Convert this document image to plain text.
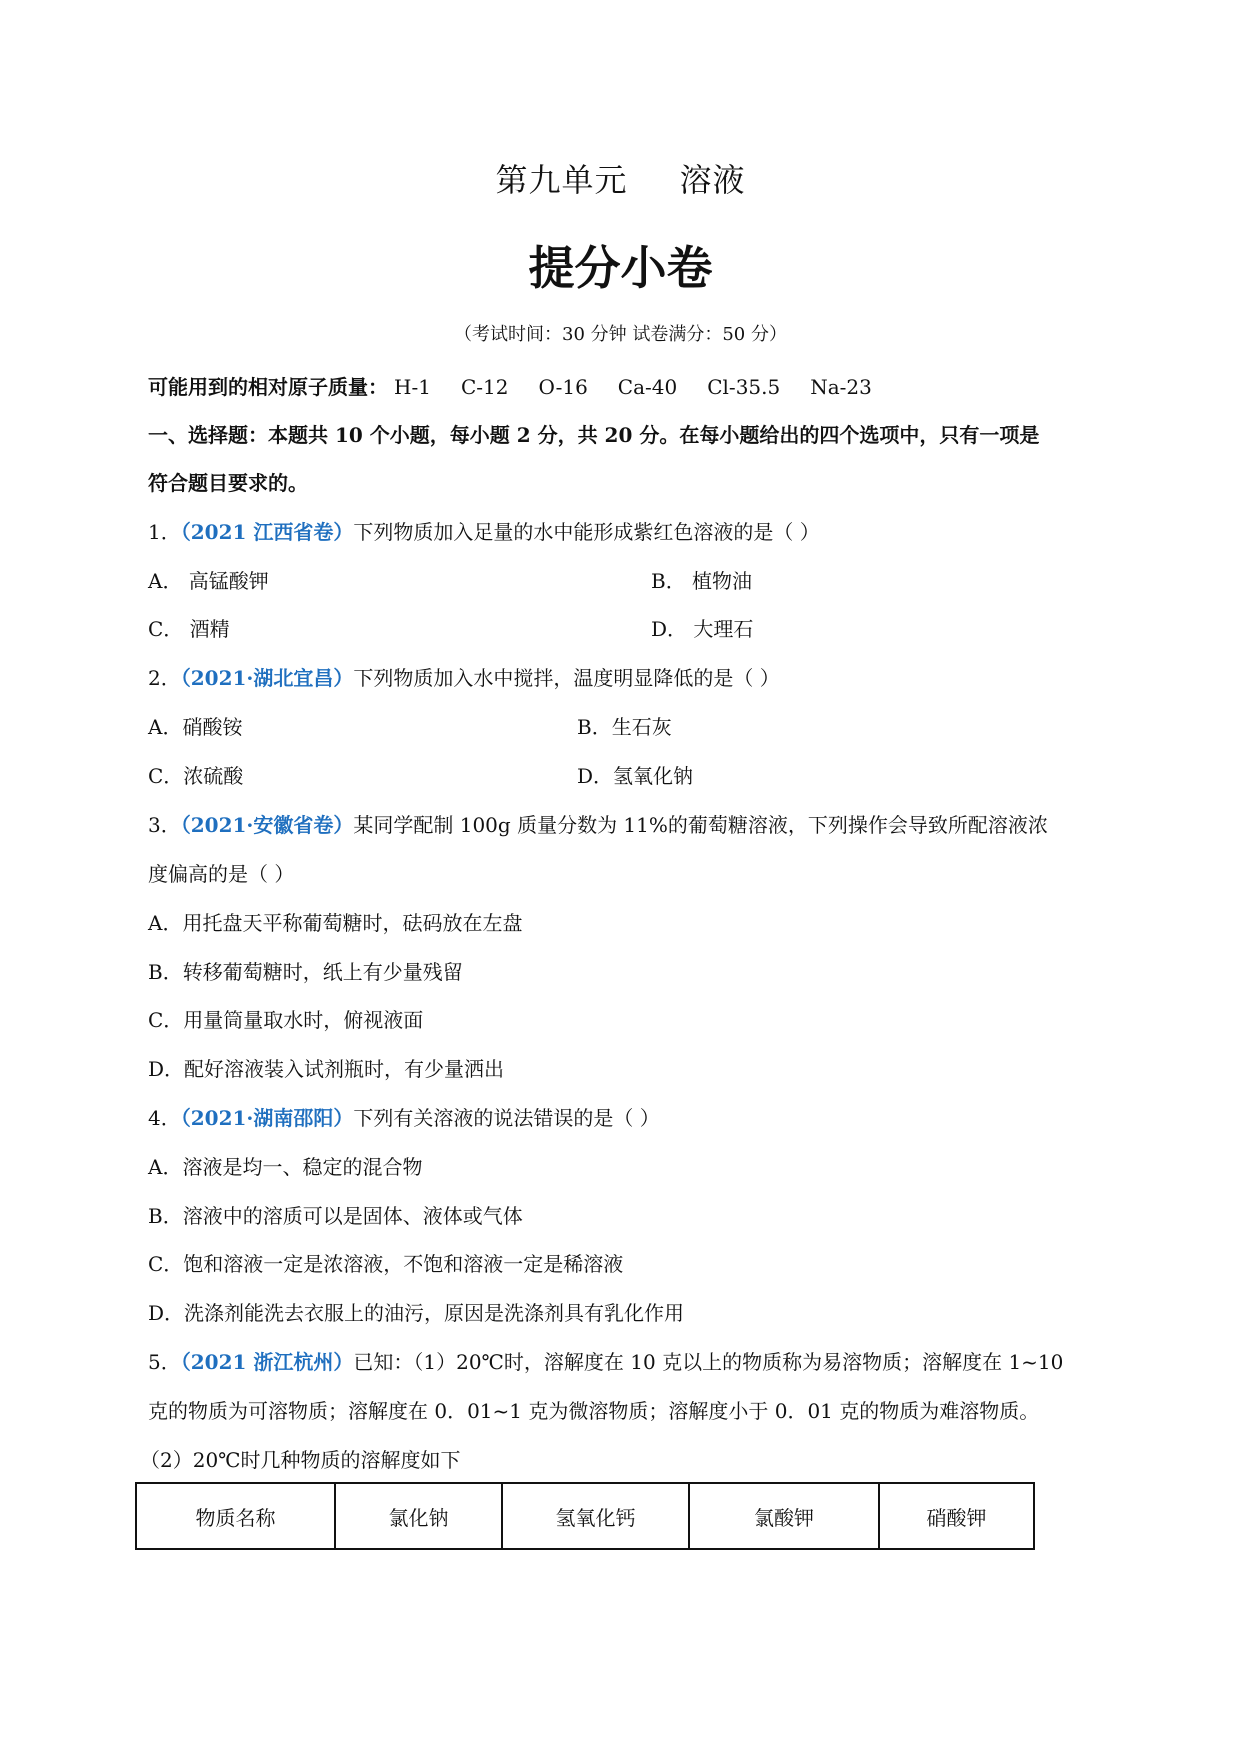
第九单元 溶液
提分小卷
（考试时间：30 分钟 试卷满分：50 分）
可能用到的相对原子质量： H-1 C-12 O-16 Ca-40 Cl-35.5 Na-23
一、选择题：本题共 10 个小题，每小题 2 分，共 20 分。在每小题给出的四个选项中，只有一项是
符合题目要求的。
1．（2021 江西省卷）下列物质加入足量的水中能形成紫红色溶液的是（ ）
A． 高锰酸钾	B． 植物油
C． 酒精	D． 大理石
2．（2021·湖北宜昌）下列物质加入水中搅拌，温度明显降低的是（ ）
A．硝酸铵	B．生石灰
C．浓硫酸	D．氢氧化钠
3．（2021·安徽省卷）某同学配制 100g 质量分数为 11%的葡萄糖溶液，下列操作会导致所配溶液浓
度偏高的是（ ）
A．用托盘天平称葡萄糖时，砝码放在左盘
B．转移葡萄糖时，纸上有少量残留
C．用量筒量取水时，俯视液面
D．配好溶液装入试剂瓶时，有少量洒出
4．（2021·湖南邵阳）下列有关溶液的说法错误的是（ ）
A．溶液是均一、稳定的混合物
B．溶液中的溶质可以是固体、液体或气体
C．饱和溶液一定是浓溶液，不饱和溶液一定是稀溶液
D．洗涤剂能洗去衣服上的油污，原因是洗涤剂具有乳化作用
5．（2021 浙江杭州）已知：（1）20℃时，溶解度在 10 克以上的物质称为易溶物质；溶解度在 1~10
克的物质为可溶物质；溶解度在 0．01~1 克为微溶物质；溶解度小于 0．01 克的物质为难溶物质。
（2）20℃时几种物质的溶解度如下
物质名称	氯化钠	氢氧化钙	氯酸钾	硝酸钾
